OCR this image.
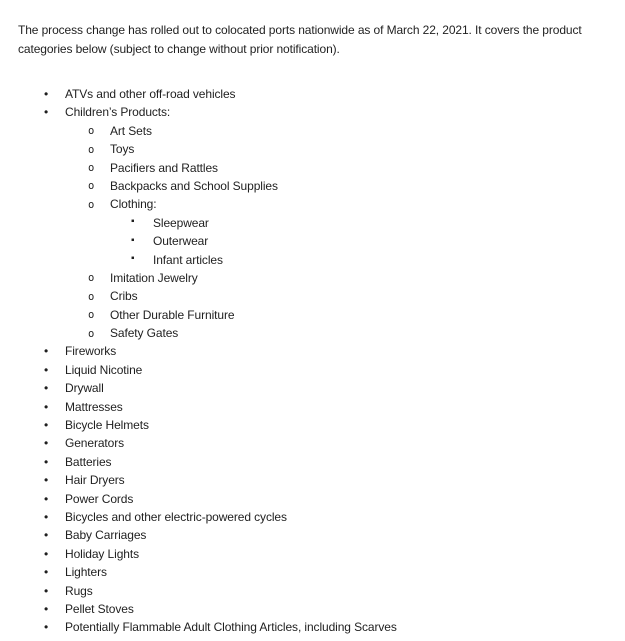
The process change has rolled out to colocated ports nationwide as of March 22, 2021. It covers the product categories below (subject to change without prior notification).

• ATVs and other off-road vehicles
• Children’s Products:
o Art Sets
o Toys
o Pacifiers and Rattles
o Backpacks and School Supplies
o Clothing:
▪ Sleepwear
▪ Outerwear
▪ Infant articles
o Imitation Jewelry
o Cribs
o Other Durable Furniture
o Safety Gates
• Fireworks
• Liquid Nicotine
• Drywall
• Mattresses
• Bicycle Helmets
• Generators
• Batteries
• Hair Dryers
• Power Cords
• Bicycles and other electric-powered cycles
• Baby Carriages
• Holiday Lights
• Lighters
• Rugs
• Pellet Stoves
• Potentially Flammable Adult Clothing Articles, including Scarves
